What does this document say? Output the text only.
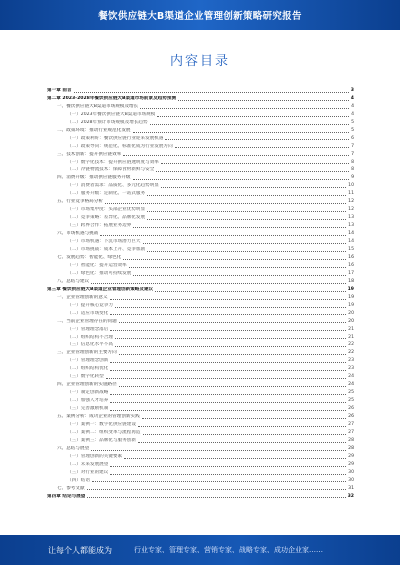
餐饮供应链大B渠道企业管理创新策略研究报告
内容目录
第一章 前言	3
第二章 2023-2028年餐饮供应链大B渠道市场前景及趋势预测	4
一、餐饮供应链大B渠道市场规模及增长	4
（一）2023年餐饮供应链大B渠道市场规模	4
（二）2028年预计市场规模及增长趋势	5
二、政策环境：推动行业规范化发展	5
（一）政策利好：餐饮供应链行业迎来发展机遇	6
（二）政策导向：规范化、标准化成为行业发展方向	7
三、技术创新：提升供应链效率	7
（一）数字化技术：提升供应链透明度与效率	8
（二）冷链物流技术：保障食材新鲜与安全	8
四、消费升级：推动供应链服务升级	9
（一）消费者需求：品质化、多元化趋势明显	10
（二）服务升级：定制化、一站式服务	11
五、行业竞争格局分析	12
（一）市场集中度：头部企业优势明显	12
（二）竞争策略：差异化、品牌化发展	13
（三）跨界合作：拓展业务边界	13
六、市场机遇与挑战	14
（一）市场机遇：下沉市场潜力巨大	14
（二）市场挑战：成本上升、竞争加剧	15
七、发展趋势：智能化、绿色化	16
（一）智能化：提升运营效率	16
（二）绿色化：推动可持续发展	17
八、总结与建议	18
第三章 餐饮供应链大B渠道企业管理创新策略及建议	19
一、企业管理创新的意义	19
（一）提升核心竞争力	19
（二）适应市场变化	20
二、当前企业管理存在的问题	20
（一）管理理念落后	21
（二）组织结构不合理	21
（三）信息化水平不高	22
三、企业管理创新的主要方向	22
（一）管理理念创新	23
（二）组织结构优化	23
（三）数字化转型	24
四、企业管理创新的实施路径	24
（一）制定创新战略	25
（二）加强人才培养	25
（三）完善激励机制	26
五、案例分析：成功企业的管理创新实践	26
（一）案例一：数字化供应链建设	27
（二）案例二：组织变革与流程再造	27
（三）案例三：品牌化与服务创新	28
六、总结与展望	28
（一）管理创新的关键要素	29
（二）未来发展展望	29
（三）对行业的建议	30
（四）结语	30
七、参考文献	31
第四章 结论与展望	32
让每个人都能成为	行业专家、管理专家、营销专家、战略专家、成功企业家……
